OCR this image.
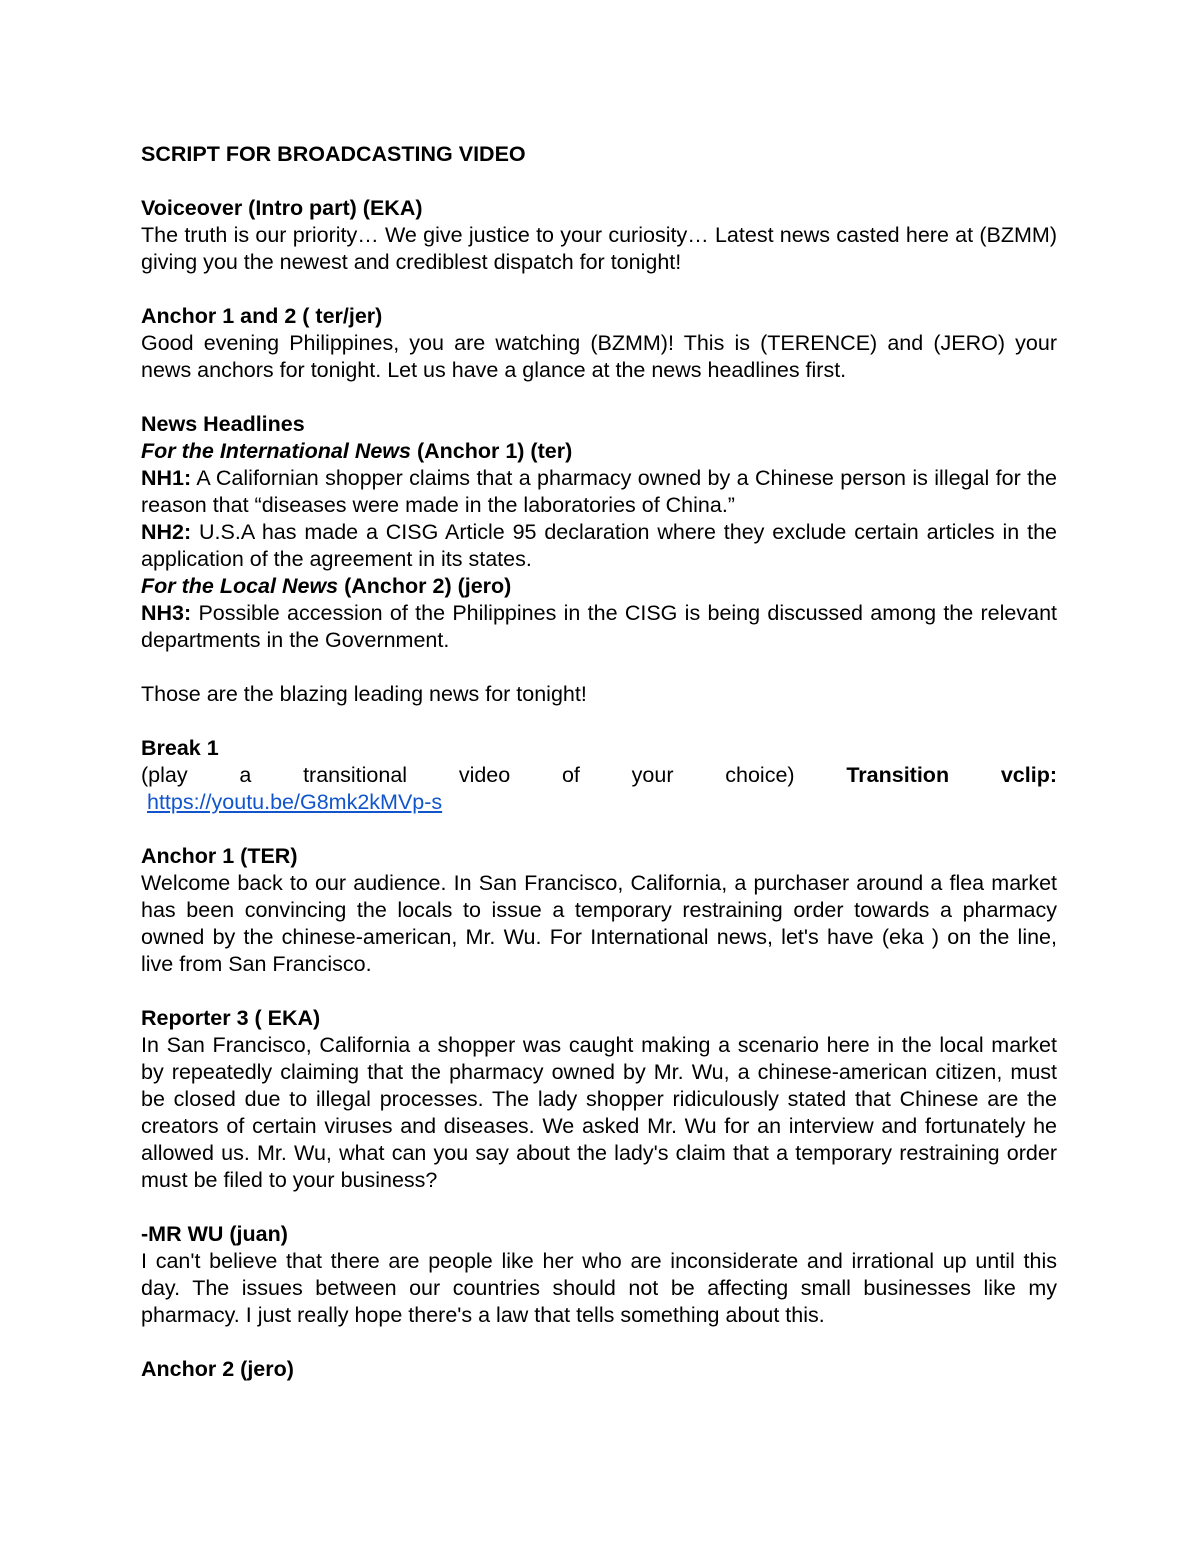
SCRIPT FOR BROADCASTING VIDEO

Voiceover (Intro part) (EKA)

The truth is our priority… We give justice to your curiosity… Latest news casted here at (BZMM) giving you the newest and crediblest dispatch for tonight!

Anchor 1 and 2 ( ter/jer)

Good evening Philippines, you are watching (BZMM)! This is (TERENCE) and (JERO) your news anchors for tonight. Let us have a glance at the news headlines first.

News Headlines

For the International News (Anchor 1) (ter)

NH1: A Californian shopper claims that a pharmacy owned by a Chinese person is illegal for the reason that “diseases were made in the laboratories of China.”

NH2: U.S.A has made a CISG Article 95 declaration where they exclude certain articles in the application of the agreement in its states.

For the Local News (Anchor 2) (jero)

NH3: Possible accession of the Philippines in the CISG is being discussed among the relevant departments in the Government.

Those are the blazing leading news for tonight!

Break 1

(play a transitional video of your choice) Transition vclip:

https://youtu.be/G8mk2kMVp-s

Anchor 1 (TER)

Welcome back to our audience. In San Francisco, California, a purchaser around a flea market has been convincing the locals to issue a temporary restraining order towards a pharmacy owned by the chinese-american, Mr. Wu. For International news, let's have (eka ) on the line, live from San Francisco.

Reporter 3 ( EKA)

In San Francisco, California a shopper was caught making a scenario here in the local market by repeatedly claiming that the pharmacy owned by Mr. Wu, a chinese-american citizen, must be closed due to illegal processes. The lady shopper ridiculously stated that Chinese are the creators of certain viruses and diseases. We asked Mr. Wu for an interview and fortunately he allowed us. Mr. Wu, what can you say about the lady's claim that a temporary restraining order must be filed to your business?

-MR WU (juan)

I can't believe that there are people like her who are inconsiderate and irrational up until this day. The issues between our countries should not be affecting small businesses like my pharmacy. I just really hope there's a law that tells something about this.

Anchor 2 (jero)
